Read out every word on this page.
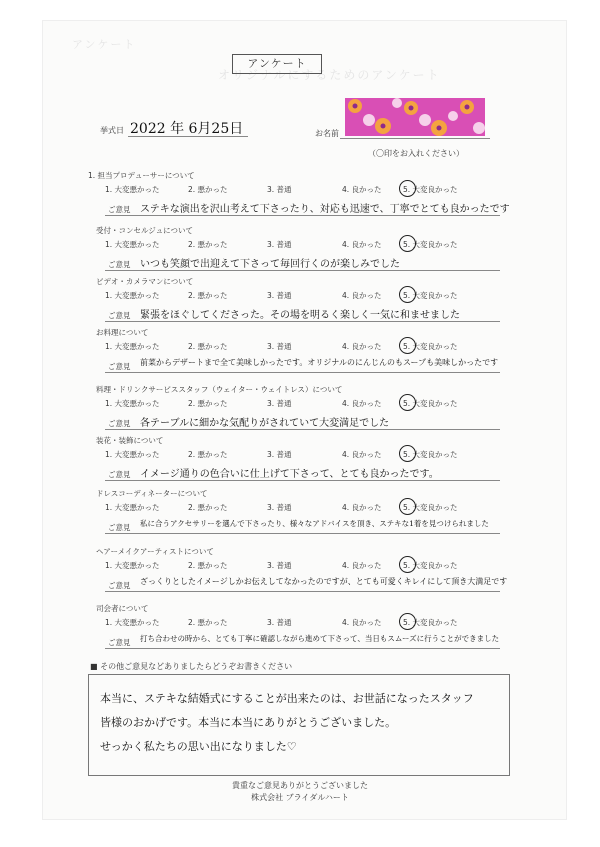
オリジナルにするためのアンケート
アンケート
アンケート
挙式日 2022 年 6月25日	お名前
（〇印をお入れください）
1. 担当プロデューサーについて
1. 大変悪かった	2. 悪かった	3. 普通	4. 良かった	5. 大変良かった
ご意見 ステキな演出を沢山考えて下さったり、対応も迅速で、丁寧でとても良かったです
受付・コンセルジュについて
1. 大変悪かった	2. 悪かった	3. 普通	4. 良かった	5. 大変良かった
ご意見 いつも笑顔で出迎えて下さって毎回行くのが楽しみでした
ビデオ・カメラマンについて
1. 大変悪かった	2. 悪かった	3. 普通	4. 良かった	5. 大変良かった
ご意見 緊張をほぐしてくださった。その場を明るく楽しく一気に和ませました
お料理について
1. 大変悪かった	2. 悪かった	3. 普通	4. 良かった	5. 大変良かった
ご意見 前菜からデザートまで全て美味しかったです。オリジナルのにんじんのもスープも美味しかったです
料理・ドリンクサービススタッフ（ウェイター・ウェイトレス）について
1. 大変悪かった	2. 悪かった	3. 普通	4. 良かった	5. 大変良かった
ご意見 各テーブルに細かな気配りがされていて大変満足でした
装花・装飾について
1. 大変悪かった	2. 悪かった	3. 普通	4. 良かった	5. 大変良かった
ご意見 イメージ通りの色合いに仕上げて下さって、とても良かったです。
ドレスコーディネーターについて
1. 大変悪かった	2. 悪かった	3. 普通	4. 良かった	5. 大変良かった
ご意見 私に合うアクセサリーを選んで下さったり、様々なアドバイスを頂き、ステキな1着を見つけられました
ヘアーメイクアーティストについて
1. 大変悪かった	2. 悪かった	3. 普通	4. 良かった	5. 大変良かった
ご意見 ざっくりとしたイメージしかお伝えしてなかったのですが、とても可愛くキレイにして頂き大満足です
司会者について
1. 大変悪かった	2. 悪かった	3. 普通	4. 良かった	5. 大変良かった
ご意見 打ち合わせの時から、とても丁寧に確認しながら進めて下さって、当日もスムーズに行うことができました
■ その他ご意見などありましたらどうぞお書きください
本当に、ステキな結婚式にすることが出来たのは、お世話になったスタッフ
皆様のおかげです。本当に本当にありがとうございました。
せっかく私たちの思い出になりました♡
貴重なご意見ありがとうございました
株式会社 ブライダルハート
